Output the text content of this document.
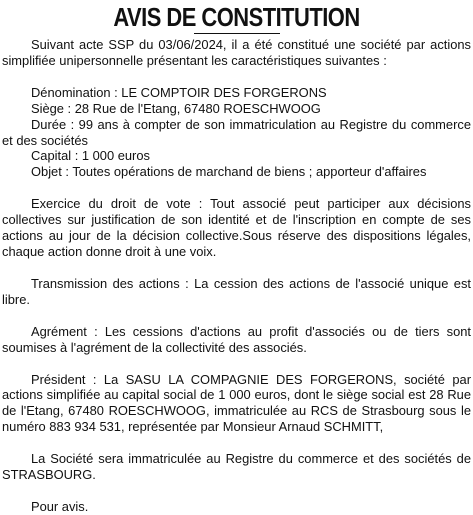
AVIS DE CONSTITUTION

Suivant acte SSP du 03/06/2024, il a été constitué une société par actions simplifiée unipersonnelle présentant les caractéristiques suivantes :

Dénomination : LE COMPTOIR DES FORGERONS

Siège : 28 Rue de l'Etang, 67480 ROESCHWOOG

Durée : 99 ans à compter de son immatriculation au Registre du commerce et des sociétés

Capital : 1 000 euros

Objet : Toutes opérations de marchand de biens ; apporteur d'affaires

Exercice du droit de vote : Tout associé peut participer aux décisions collectives sur justification de son identité et de l'inscription en compte de ses actions au jour de la décision collective.Sous réserve des dispositions légales, chaque action donne droit à une voix.

Transmission des actions : La cession des actions de l'associé unique est libre.

Agrément : Les cessions d'actions au profit d'associés ou de tiers sont soumises à l'agrément de la collectivité des associés.

Président : La SASU LA COMPAGNIE DES FORGERONS, société par actions simplifiée au capital social de 1 000 euros, dont le siège social est 28 Rue de l'Etang, 67480 ROESCHWOOG, immatriculée au RCS de Strasbourg sous le numéro 883 934 531, représentée par Monsieur Arnaud SCHMITT,

La Société sera immatriculée au Registre du commerce et des sociétés de STRASBOURG.

Pour avis.
